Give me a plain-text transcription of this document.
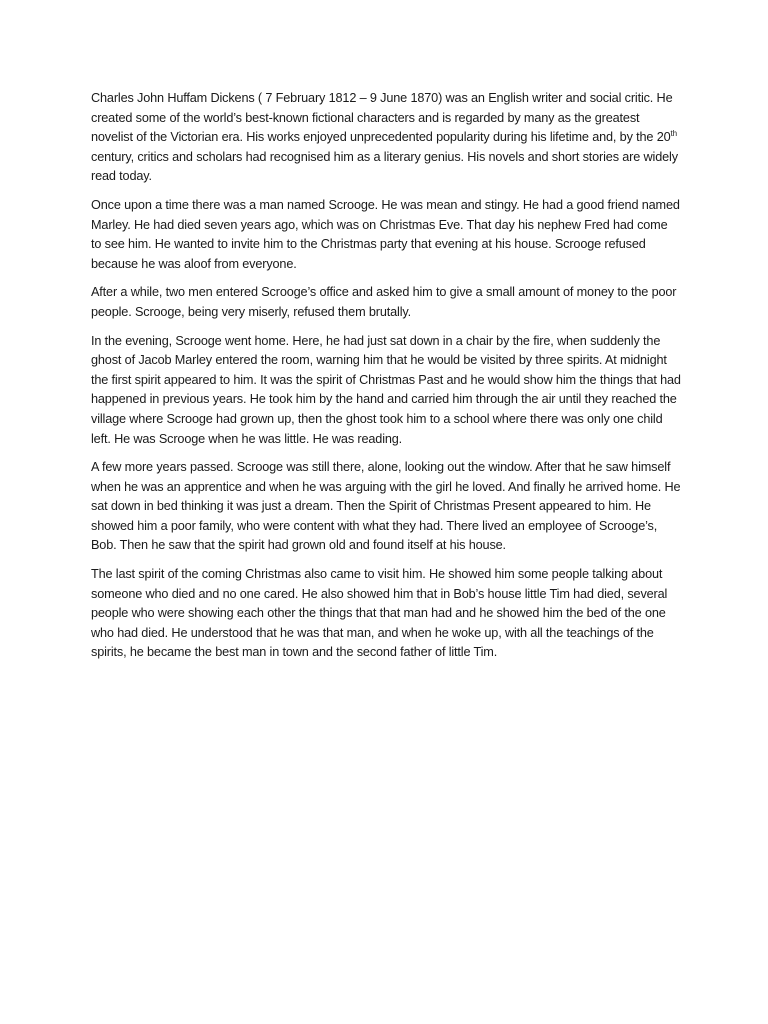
Charles John Huffam Dickens ( 7 February 1812 – 9 June 1870) was an English writer and social critic. He created some of the world’s best-known fictional characters and is regarded by many as the greatest novelist of the Victorian era. His works enjoyed unprecedented popularity during his lifetime and, by the 20th century, critics and scholars had recognised him as a literary genius. His novels and short stories are widely read today.

Once upon a time there was a man named Scrooge. He was mean and stingy. He had a good friend named Marley. He had died seven years ago, which was on Christmas Eve. That day his nephew Fred had come to see him. He wanted to invite him to the Christmas party that evening at his house. Scrooge refused because he was aloof from everyone.

After a while, two men entered Scrooge’s office and asked him to give a small amount of money to the poor people. Scrooge, being very miserly, refused them brutally.

In the evening, Scrooge went home. Here, he had just sat down in a chair by the fire, when suddenly the ghost of Jacob Marley entered the room, warning him that he would be visited by three spirits. At midnight the first spirit appeared to him. It was the spirit of Christmas Past and he would show him the things that had happened in previous years. He took him by the hand and carried him through the air until they reached the village where Scrooge had grown up, then the ghost took him to a school where there was only one child left. He was Scrooge when he was little. He was reading.

A few more years passed. Scrooge was still there, alone, looking out the window. After that he saw himself when he was an apprentice and when he was arguing with the girl he loved. And finally he arrived home. He sat down in bed thinking it was just a dream. Then the Spirit of Christmas Present appeared to him. He showed him a poor family, who were content with what they had. There lived an employee of Scrooge’s, Bob. Then he saw that the spirit had grown old and found itself at his house.

The last spirit of the coming Christmas also came to visit him. He showed him some people talking about someone who died and no one cared. He also showed him that in Bob’s house little Tim had died, several people who were showing each other the things that that man had and he showed him the bed of the one who had died. He understood that he was that man, and when he woke up, with all the teachings of the spirits, he became the best man in town and the second father of little Tim.
